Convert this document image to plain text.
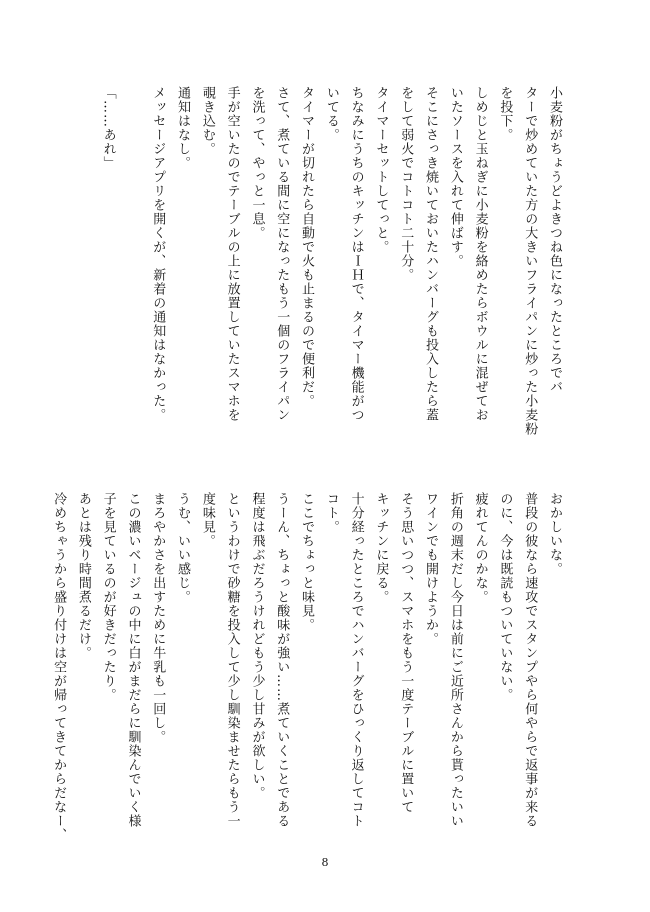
小麦粉がちょうどよきつね色になったところでバ
ターで炒めていた方の大きいフライパンに炒った小麦粉
を投下。
しめじと玉ねぎに小麦粉を絡めたらボウルに混ぜてお
いたソースを入れて伸ばす。
そこにさっき焼いておいたハンバーグも投入したら蓋
をして弱火でコトコト二十分。
タイマーセットしてっと。
ちなみにうちのキッチンはＩＨで、タイマー機能がつ
いてる。
タイマーが切れたら自動で火も止まるので便利だ。
さて、煮ている間に空になったもう一個のフライパン
を洗って、やっと一息。
手が空いたのでテーブルの上に放置していたスマホを
覗き込む。
通知はなし。
メッセージアプリを開くが、新着の通知はなかった。

「……あれ」
おかしいな。
普段の彼なら速攻でスタンプやら何やらで返事が来る
のに、今は既読もついていない。
疲れてんのかな。
折角の週末だし今日は前にご近所さんから貰ったいい
ワインでも開けようか。
そう思いつつ、スマホをもう一度テーブルに置いて
キッチンに戻る。
十分経ったところでハンバーグをひっくり返してコト
コト。
ここでちょっと味見。
うーん、ちょっと酸味が強い……煮ていくことである
程度は飛ぶだろうけれどもう少し甘みが欲しい。
というわけで砂糖を投入して少し馴染ませたらもう一
度味見。
うむ、いい感じ。
まろやかさを出すために牛乳も一回し。
この濃いベージュの中に白がまだらに馴染んでいく様
子を見ているのが好きだったり。
あとは残り時間煮るだけ。
冷めちゃうから盛り付けは空が帰ってきてからだなー、
8
